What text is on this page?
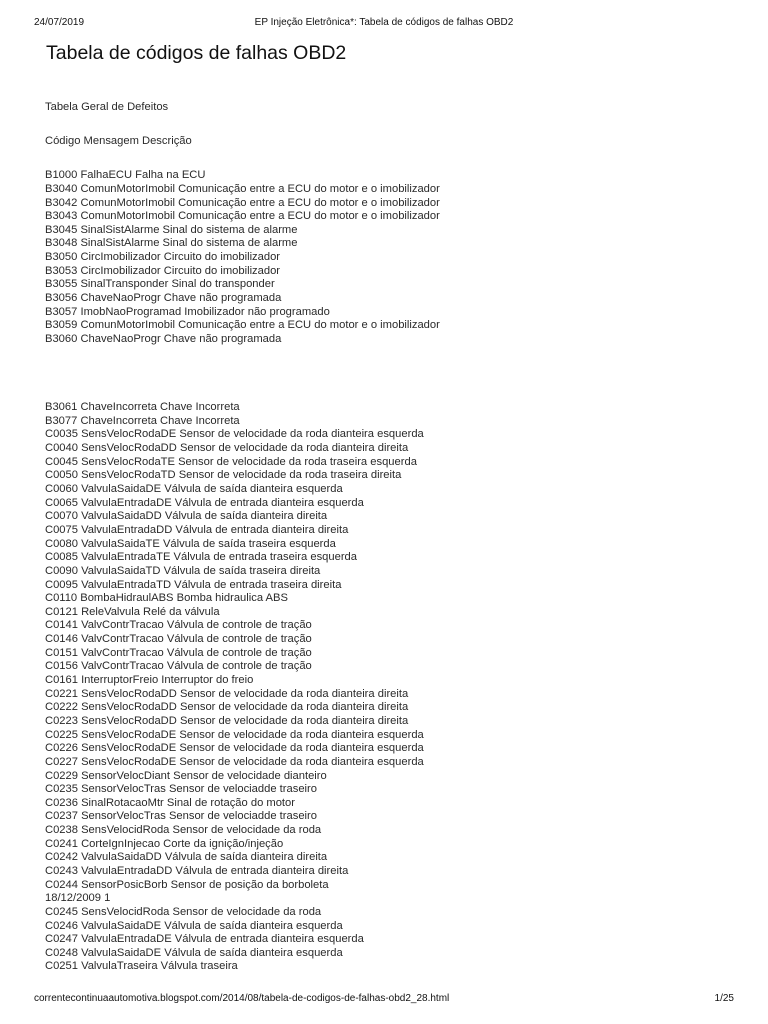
24/07/2019	EP Injeção Eletrônica*: Tabela de códigos de falhas OBD2
Tabela de códigos de falhas OBD2
Tabela Geral de Defeitos
Código Mensagem Descrição
B1000 FalhaECU Falha na ECU
B3040 ComunMotorImobil Comunicação entre a ECU do motor e o imobilizador
B3042 ComunMotorImobil Comunicação entre a ECU do motor e o imobilizador
B3043 ComunMotorImobil Comunicação entre a ECU do motor e o imobilizador
B3045 SinalSistAlarme Sinal do sistema de alarme
B3048 SinalSistAlarme Sinal do sistema de alarme
B3050 CircImobilizador Circuito do imobilizador
B3053 CircImobilizador Circuito do imobilizador
B3055 SinalTransponder Sinal do transponder
B3056 ChaveNaoProgr Chave não programada
B3057 ImobNaoProgramad Imobilizador não programado
B3059 ComunMotorImobil Comunicação entre a ECU do motor e o imobilizador
B3060 ChaveNaoProgr Chave não programada
B3061 ChaveIncorreta Chave Incorreta
B3077 ChaveIncorreta Chave Incorreta
C0035 SensVelocRodaDE Sensor de velocidade da roda dianteira esquerda
C0040 SensVelocRodaDD Sensor de velocidade da roda dianteira direita
C0045 SensVelocRodaTE Sensor de velocidade da roda traseira esquerda
C0050 SensVelocRodaTD Sensor de velocidade da roda traseira direita
C0060 ValvulaSaidaDE Válvula de saída dianteira esquerda
C0065 ValvulaEntradaDE Válvula de entrada dianteira esquerda
C0070 ValvulaSaidaDD Válvula de saída dianteira direita
C0075 ValvulaEntradaDD Válvula de entrada dianteira direita
C0080 ValvulaSaidaTE Válvula de saída traseira esquerda
C0085 ValvulaEntradaTE Válvula de entrada traseira esquerda
C0090 ValvulaSaidaTD Válvula de saída traseira direita
C0095 ValvulaEntradaTD Válvula de entrada traseira direita
C0110 BombaHidraulABS Bomba hidraulica ABS
C0121 ReleValvula Relé da válvula
C0141 ValvContrTracao Válvula de controle de tração
C0146 ValvContrTracao Válvula de controle de tração
C0151 ValvContrTracao Válvula de controle de tração
C0156 ValvContrTracao Válvula de controle de tração
C0161 InterruptorFreio Interruptor do freio
C0221 SensVelocRodaDD Sensor de velocidade da roda dianteira direita
C0222 SensVelocRodaDD Sensor de velocidade da roda dianteira direita
C0223 SensVelocRodaDD Sensor de velocidade da roda dianteira direita
C0225 SensVelocRodaDE Sensor de velocidade da roda dianteira esquerda
C0226 SensVelocRodaDE Sensor de velocidade da roda dianteira esquerda
C0227 SensVelocRodaDE Sensor de velocidade da roda dianteira esquerda
C0229 SensorVelocDiant Sensor de velocidade dianteiro
C0235 SensorVelocTras Sensor de velociadde traseiro
C0236 SinalRotacaoMtr Sinal de rotação do motor
C0237 SensorVelocTras Sensor de velociadde traseiro
C0238 SensVelocidRoda Sensor de velocidade da roda
C0241 CorteIgnInjecao Corte da ignição/injeção
C0242 ValvulaSaidaDD Válvula de saída dianteira direita
C0243 ValvulaEntradaDD Válvula de entrada dianteira direita
C0244 SensorPosicBorb Sensor de posição da borboleta
18/12/2009 1
C0245 SensVelocidRoda Sensor de velocidade da roda
C0246 ValvulaSaidaDE Válvula de saída dianteira esquerda
C0247 ValvulaEntradaDE Válvula de entrada dianteira esquerda
C0248 ValvulaSaidaDE Válvula de saída dianteira esquerda
C0251 ValvulaTraseira Válvula traseira
correntecontinuaautomotiva.blogspot.com/2014/08/tabela-de-codigos-de-falhas-obd2_28.html	1/25
